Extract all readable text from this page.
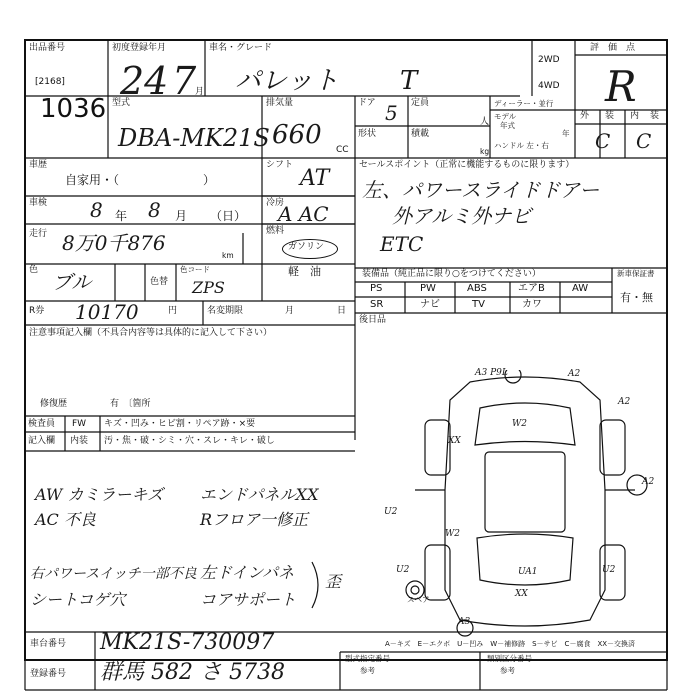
出品番号
[2168]
1036
初度登録年月
24 7
月
車名・グレード
パレット T
2WD
4WD
評　価　点
R
外 装 内 装
C C
型式
DBA-MK21S
排気量
660 CC
ドア 5
形状
定員
人
積載
kg
ディーラー・並行
モデル
年式
年
ハンドル 左・右
車歴
自家用・（　　　　　　　）
車検 8 年 8 月 （日）
走行 8万0千876
km
色 ブル	色替
色コード
ZPS
R券 10170	円	名変期限	月	日
シフト
AT
冷房
A AC
燃料
ガソリン
軽　油
セールスポイント（正常に機能するものに限ります）
左、パワースライドドアー
外アルミ外ナビ
ETC
装備品（純正品に限り○をつけてください）
PS	PW	ABS	エアB	AW
SR	ナビ	TV	カワ
新車保証書
有・無
後日品
注意事項記入欄（不具合内容等は具体的に記入して下さい）
修復歴	有　〔箇所
検査員
記入欄
FW キズ・凹み・ヒビ割・リペア跡・×要
内装 汚・焦・破・シミ・穴・スレ・キレ・破し
AW カミラーキズ エンドパネルXX
AC 不良	Rフロア一修正
右パワースイッチ一部不良 左ドインパネ 歪
シートコゲ穴	コアサポート
A3 P9L	A2
XX
W2
A2
A2
U2
W2
U2	U2
UA1
XX
A3
スペア
A－キズ　E－エクボ　U－凹み　W－補修跡　S－サビ　C－腐食　XX－交換済
車台番号 MK21S-730097
登録番号 群馬 582 さ 5738
型式指定番号
参考
類別区分番号
参考
